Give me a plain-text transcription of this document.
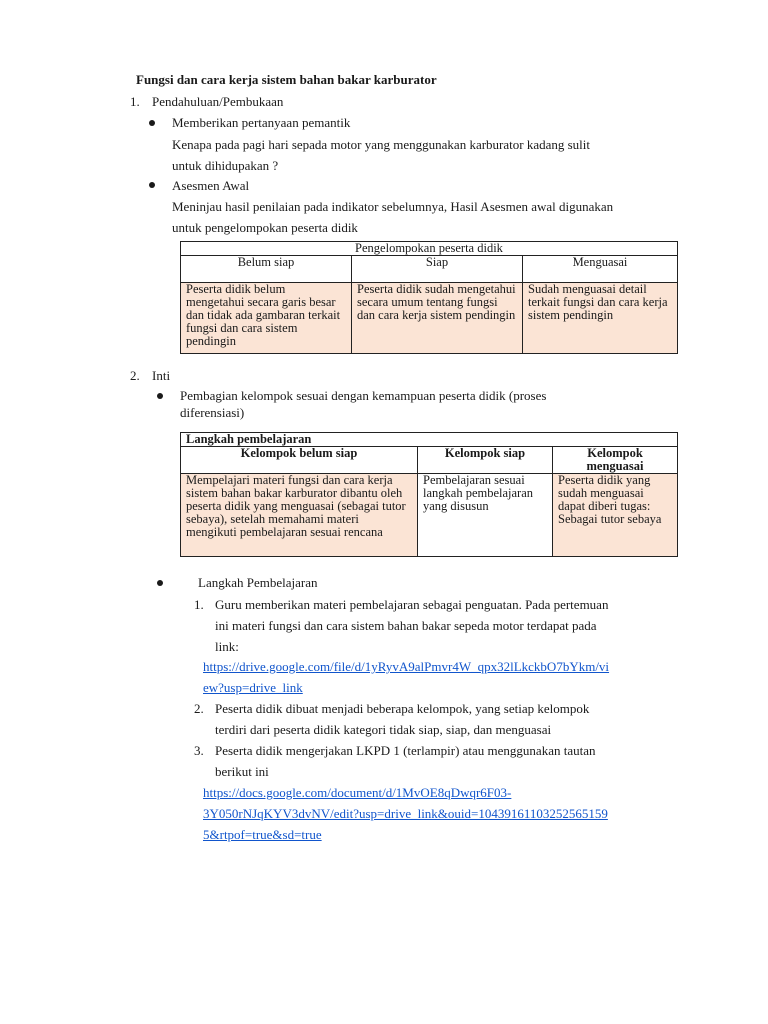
Fungsi dan cara kerja sistem bahan bakar karburator
1. Pendahuluan/Pembukaan
Memberikan pertanyaan pemantik
Kenapa pada pagi hari sepada motor yang menggunakan karburator kadang sulit
untuk dihidupakan ?
Asesmen Awal
Meninjau hasil penilaian pada indikator sebelumnya, Hasil Asesmen awal digunakan
untuk pengelompokan peserta didik
Pengelompokan peserta didik		
Belum siap	Siap	Menguasai
Peserta didik belum mengetahui secara garis besar dan tidak ada gambaran terkait fungsi dan cara sistem pendingin	Peserta didik sudah mengetahui secara umum tentang fungsi dan cara kerja sistem pendingin	Sudah menguasai detail terkait fungsi dan cara kerja sistem pendingin
2. Inti
Pembagian kelompok sesuai dengan kemampuan peserta didik (proses
diferensiasi)
Langkah pembelajaran		
Kelompok belum siap	Kelompok siap	Kelompok menguasai
Mempelajari materi fungsi dan cara kerja sistem bahan bakar karburator dibantu oleh peserta didik yang menguasai (sebagai tutor sebaya), setelah memahami materi mengikuti pembelajaran sesuai rencana	Pembelajaran sesuai langkah pembelajaran yang disusun	Peserta didik yang sudah menguasai dapat diberi tugas: Sebagai tutor sebaya
Langkah Pembelajaran
1. Guru memberikan materi pembelajaran sebagai penguatan. Pada pertemuan
ini materi fungsi dan cara sistem bahan bakar sepeda motor terdapat pada
link:
https://drive.google.com/file/d/1yRyvA9alPmvr4W_qpx32lLkckbO7bYkm/vi
ew?usp=drive_link
2. Peserta didik dibuat menjadi beberapa kelompok, yang setiap kelompok
terdiri dari peserta didik kategori tidak siap, siap, dan menguasai
3. Peserta didik mengerjakan LKPD 1 (terlampir) atau menggunakan tautan
berikut ini
https://docs.google.com/document/d/1MvOE8qDwqr6F03-
3Y050rNJqKYV3dvNV/edit?usp=drive_link&ouid=10439161103252565159
5&rtpof=true&sd=true
